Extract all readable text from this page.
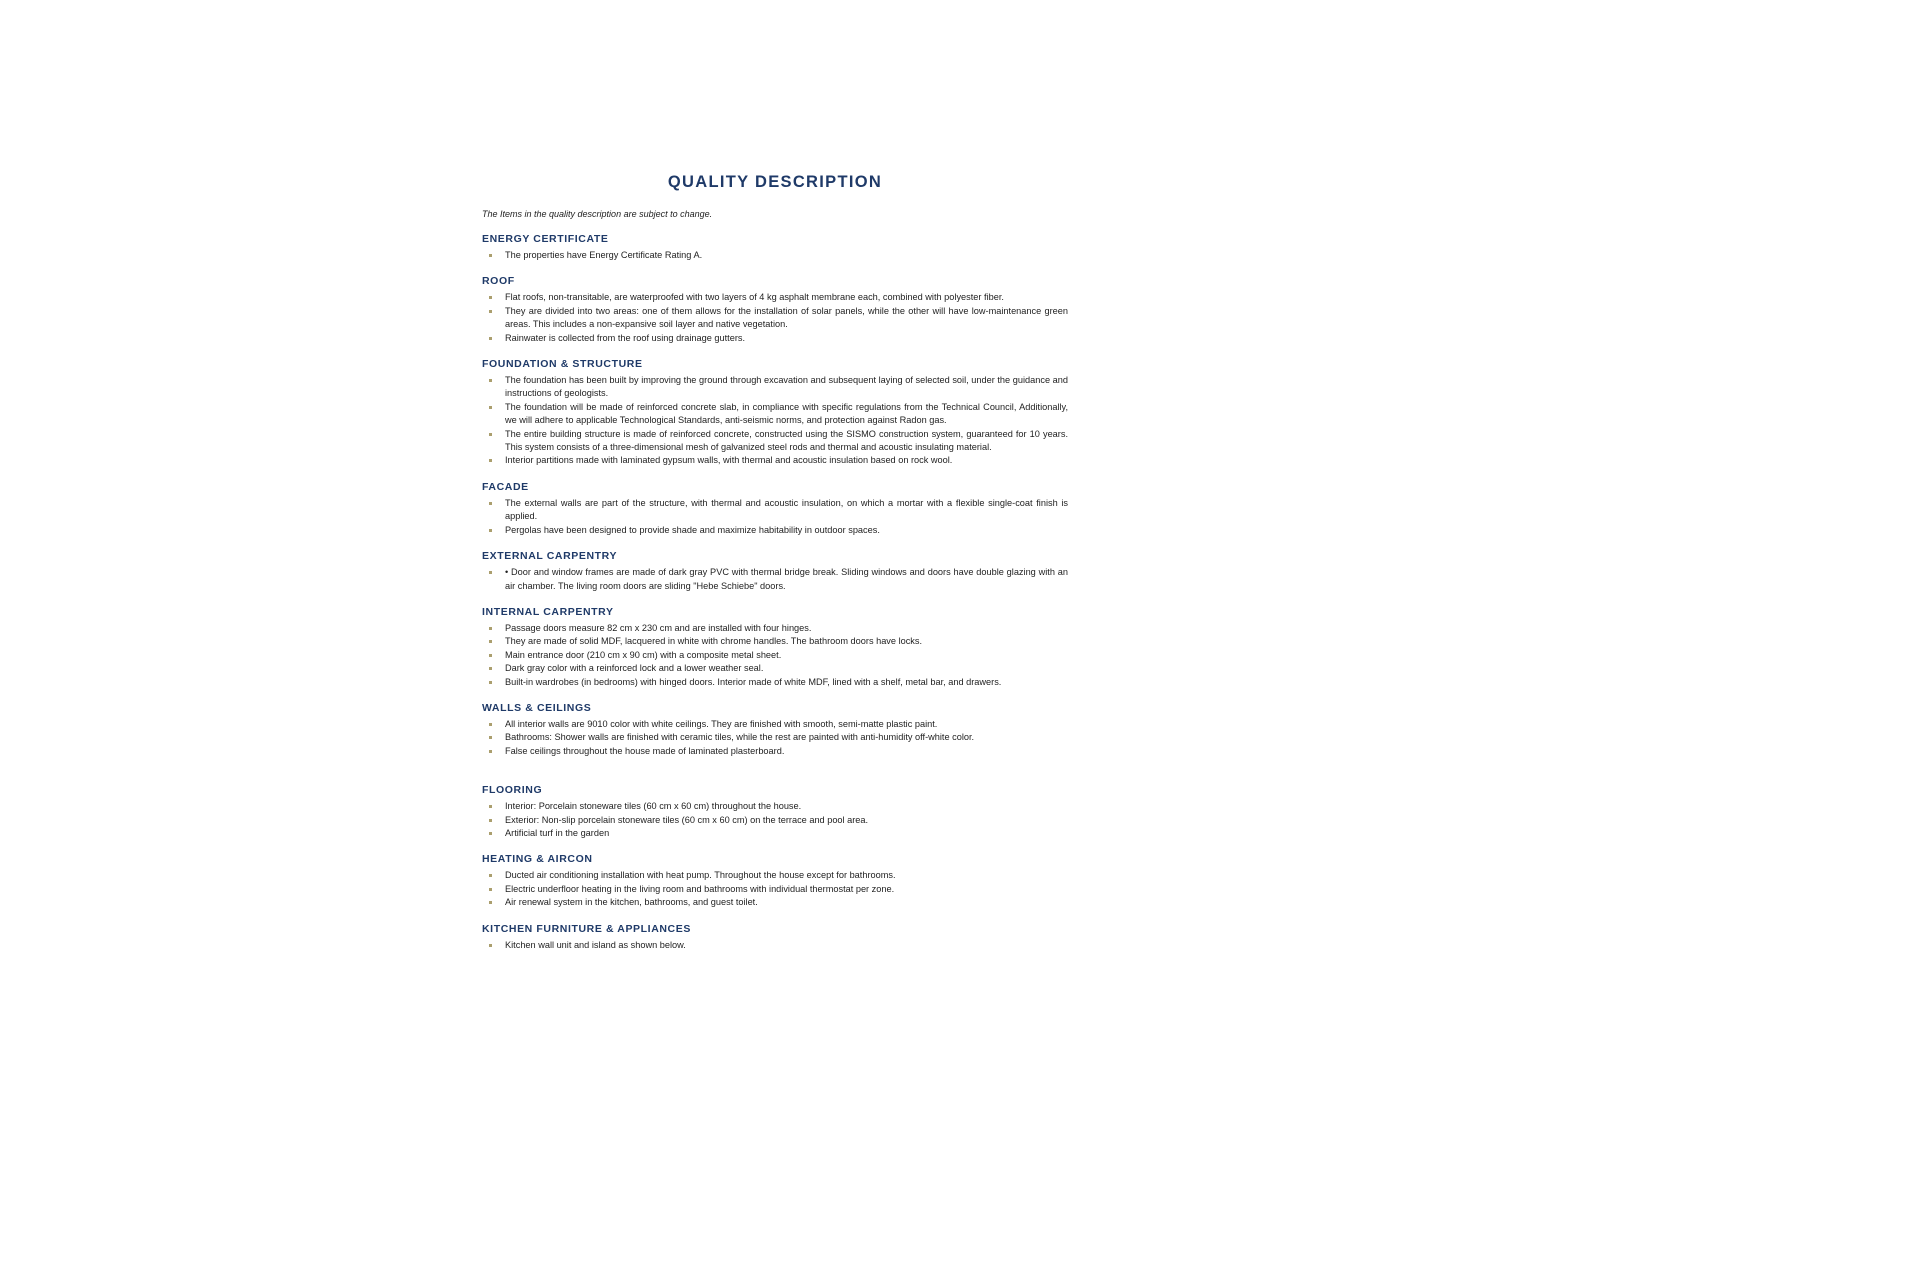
QUALITY DESCRIPTION

The Items in the quality description are subject to change.

ENERGY CERTIFICATE
The properties have Energy Certificate Rating A.
ROOF
Flat roofs, non-transitable, are waterproofed with two layers of 4 kg asphalt membrane each, combined with polyester fiber.
They are divided into two areas: one of them allows for the installation of solar panels, while the other will have low-maintenance green areas. This includes a non-expansive soil layer and native vegetation.
Rainwater is collected from the roof using drainage gutters.
FOUNDATION & STRUCTURE
The foundation has been built by improving the ground through excavation and subsequent laying of selected soil, under the guidance and instructions of geologists.
The foundation will be made of reinforced concrete slab, in compliance with specific regulations from the Technical Council, Additionally, we will adhere to applicable Technological Standards, anti-seismic norms, and protection against Radon gas.
The entire building structure is made of reinforced concrete, constructed using the SISMO construction system, guaranteed for 10 years. This system consists of a three-dimensional mesh of galvanized steel rods and thermal and acoustic insulating material.
Interior partitions made with laminated gypsum walls, with thermal and acoustic insulation based on rock wool.
FACADE
The external walls are part of the structure, with thermal and acoustic insulation, on which a mortar with a flexible single-coat finish is applied.
Pergolas have been designed to provide shade and maximize habitability in outdoor spaces.
EXTERNAL CARPENTRY
• Door and window frames are made of dark gray PVC with thermal bridge break. Sliding windows and doors have double glazing with an air chamber. The living room doors are sliding "Hebe Schiebe" doors.
INTERNAL CARPENTRY
Passage doors measure 82 cm x 230 cm and are installed with four hinges.
They are made of solid MDF, lacquered in white with chrome handles. The bathroom doors have locks.
Main entrance door (210 cm x 90 cm) with a composite metal sheet.
Dark gray color with a reinforced lock and a lower weather seal.
Built-in wardrobes (in bedrooms) with hinged doors. Interior made of white MDF, lined with a shelf, metal bar, and drawers.
WALLS & CEILINGS
All interior walls are 9010 color with white ceilings. They are finished with smooth, semi-matte plastic paint.
Bathrooms: Shower walls are finished with ceramic tiles, while the rest are painted with anti-humidity off-white color.
False ceilings throughout the house made of laminated plasterboard.
FLOORING
Interior: Porcelain stoneware tiles (60 cm x 60 cm) throughout the house.
Exterior: Non-slip porcelain stoneware tiles (60 cm x 60 cm) on the terrace and pool area.
Artificial turf in the garden
HEATING & AIRCON
Ducted air conditioning installation with heat pump. Throughout the house except for bathrooms.
Electric underfloor heating in the living room and bathrooms with individual thermostat per zone.
Air renewal system in the kitchen, bathrooms, and guest toilet.
KITCHEN FURNITURE & APPLIANCES
Kitchen wall unit and island as shown below.
